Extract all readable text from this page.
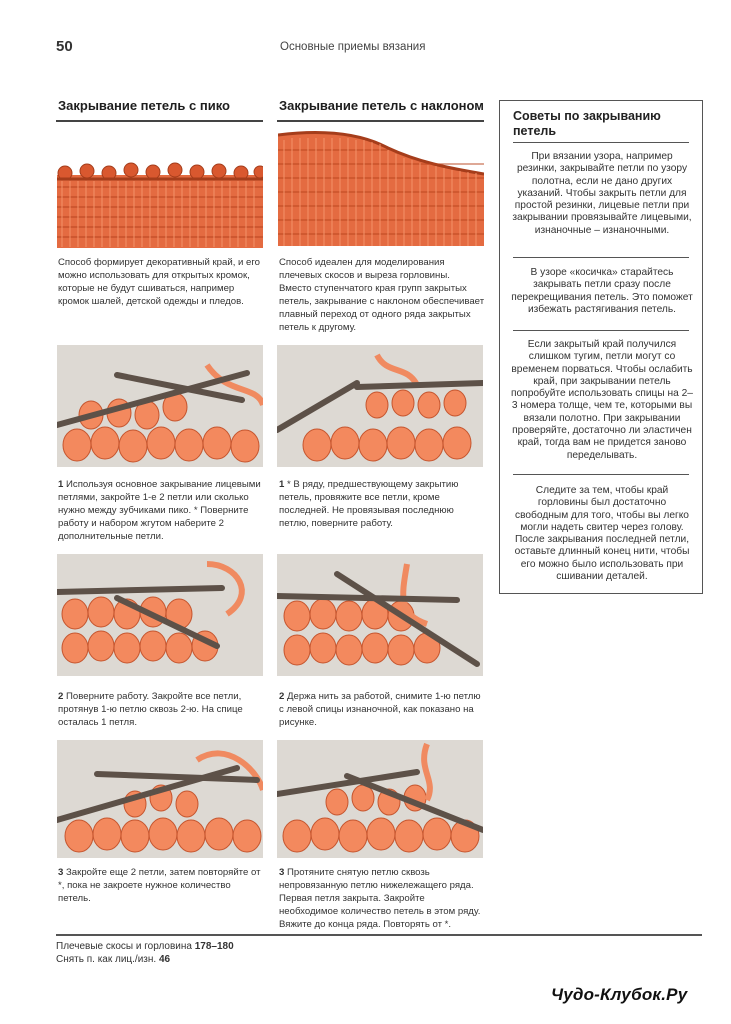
50	Основные приемы вязания
Закрывание петель с пико
Способ формирует декоративный край, и его можно использовать для открытых кромок, которые не будут сшиваться, например кромок шалей, детской одежды и пледов.
1 Используя основное закрывание лицевыми петлями, закройте 1-е 2 петли или сколько нужно между зубчиками пико. * Поверните работу и набором жгутом наберите 2 дополнительные петли.
2 Поверните работу. Закройте все петли, протянув 1-ю петлю сквозь 2-ю. На спице осталась 1 петля.
3 Закройте еще 2 петли, затем повторяйте от *, пока не закроете нужное количество петель.
Закрывание петель с наклоном
Способ идеален для моделирования плечевых скосов и выреза горловины. Вместо ступенчатого края групп закрытых петель, закрывание с наклоном обеспечивает плавный переход от одного ряда закрытых петель к другому.
1 * В ряду, предшествующему закрытию петель, провяжите все петли, кроме последней. Не провязывая последнюю петлю, поверните работу.
2 Держа нить за работой, снимите 1-ю петлю с левой спицы изнаночной, как показано на рисунке.
3 Протяните снятую петлю сквозь непровязанную петлю нижележащего ряда. Первая петля закрыта. Закройте необходимое количество петель в этом ряду. Вяжите до конца ряда. Повторять от *.
Советы по закрыванию петель
При вязании узора, например резинки, закрывайте петли по узору полотна, если не дано других указаний. Чтобы закрыть петли для простой резинки, лицевые петли при закрывании провязывайте лицевыми, изнаночные – изнаночными.
В узоре «косичка» старайтесь закрывать петли сразу после перекрещивания петель. Это поможет избежать растягивания петель.
Если закрытый край получился слишком тугим, петли могут со временем порваться. Чтобы ослабить край, при закрывании петель попробуйте использовать спицы на 2–3 номера толще, чем те, которыми вы вязали полотно. При закрывании проверяйте, достаточно ли эластичен край, тогда вам не придется заново переделывать.
Следите за тем, чтобы край горловины был достаточно свободным для того, чтобы вы легко могли надеть свитер через голову. После закрывания последней петли, оставьте длинный конец нити, чтобы его можно было использовать при сшивании деталей.
Плечевые скосы и горловина 178–180
Снять п. как лиц./изн. 46
Чудо-Клубок.Ру
